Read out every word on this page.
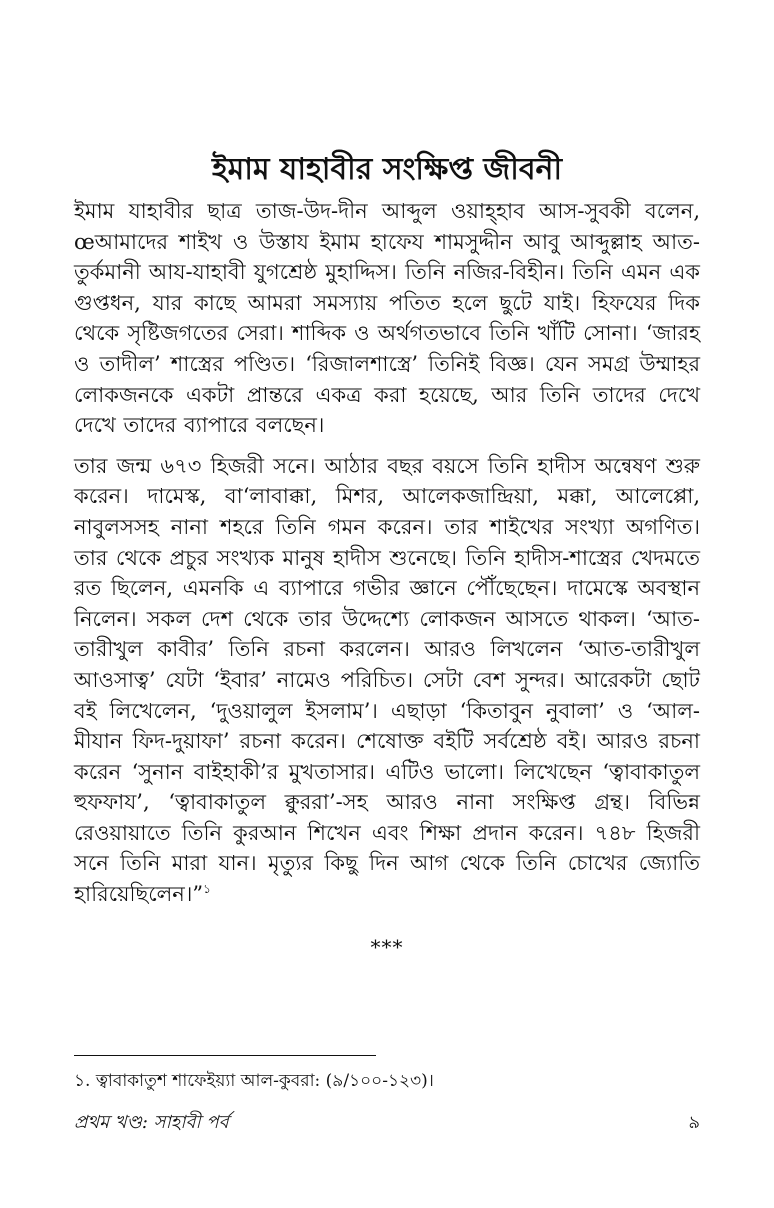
ইমাম যাহাবীর সংক্ষিপ্ত জীবনী

ইমাম যাহাবীর ছাত্র তাজ-উদ-দীন আব্দুল ওয়াহ্হাব আস-সুবকী বলেন, œআমাদের শাইখ ও উস্তায ইমাম হাফেয শামসুদ্দীন আবু আব্দুল্লাহ আত-তুর্কমানী আয-যাহাবী যুগশ্রেষ্ঠ মুহাদ্দিস। তিনি নজির-বিহীন। তিনি এমন এক গুপ্তধন, যার কাছে আমরা সমস্যায় পতিত হলে ছুটে যাই। হিফযের দিক থেকে সৃষ্টিজগতের সেরা। শাব্দিক ও অর্থগতভাবে তিনি খাঁটি সোনা। ‘জারহ ও তাদীল’ শাস্ত্রের পণ্ডিত। ‘রিজালশাস্ত্রে’ তিনিই বিজ্ঞ। যেন সমগ্র উম্মাহর লোকজনকে একটা প্রান্তরে একত্র করা হয়েছে, আর তিনি তাদের দেখে দেখে তাদের ব্যাপারে বলছেন।

তার জন্ম ৬৭৩ হিজরী সনে। আঠার বছর বয়সে তিনি হাদীস অন্বেষণ শুরু করেন। দামেস্ক, বা‘লাবাক্কা, মিশর, আলেকজান্দ্রিয়া, মক্কা, আলেপ্পো, নাবুলসসহ নানা শহরে তিনি গমন করেন। তার শাইখের সংখ্যা অগণিত। তার থেকে প্রচুর সংখ্যক মানুষ হাদীস শুনেছে। তিনি হাদীস-শাস্ত্রের খেদমতে রত ছিলেন, এমনকি এ ব্যাপারে গভীর জ্ঞানে পৌঁছেছেন। দামেস্কে অবস্থান নিলেন। সকল দেশ থেকে তার উদ্দেশ্যে লোকজন আসতে থাকল। ‘আত-তারীখুল কাবীর’ তিনি রচনা করলেন। আরও লিখলেন ‘আত-তারীখুল আওসাত্ব’ যেটা ‘ইবার’ নামেও পরিচিত। সেটা বেশ সুন্দর। আরেকটা ছোট বই লিখেলেন, ‘দুওয়ালুল ইসলাম’। এছাড়া ‘কিতাবুন নুবালা’ ও ‘আল-মীযান ফিদ-দুয়াফা’ রচনা করেন। শেষোক্ত বইটি সর্বশ্রেষ্ঠ বই। আরও রচনা করেন ‘সুনান বাইহাকী’র মুখতাসার। এটিও ভালো। লিখেছেন ‘ত্বাবাকাতুল হুফফায’, ‘ত্বাবাকাতুল ক্বুররা’-সহ আরও নানা সংক্ষিপ্ত গ্রন্থ। বিভিন্ন রেওয়ায়াতে তিনি কুরআন শিখেন এবং শিক্ষা প্রদান করেন। ৭৪৮ হিজরী সনে তিনি মারা যান। মৃত্যুর কিছু দিন আগ থেকে তিনি চোখের জ্যোতি হারিয়েছিলেন।”$^১$

***
১. ত্বাবাকাতুশ শাফেইয়্যা আল-কুবরা: (৯/১০০-১২৩)।
প্রথম খণ্ড: সাহাবী পর্ব	৯
